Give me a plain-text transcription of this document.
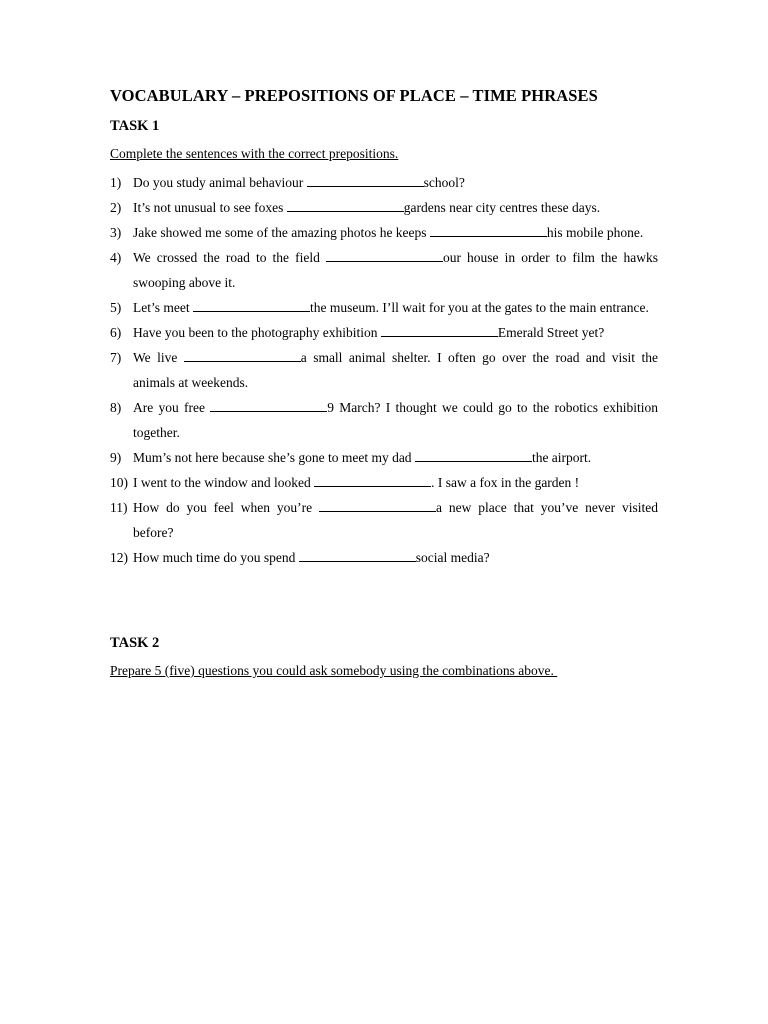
VOCABULARY – PREPOSITIONS OF PLACE – TIME PHRASES
TASK 1
Complete the sentences with the correct prepositions.
1) Do you study animal behaviour	school?
2) It’s not unusual to see foxes	gardens near city centres these days.
3) Jake showed me some of the amazing photos he keeps	his mobile phone.
4) We crossed the road to the field	our house in order to film the hawks swooping above it.
5) Let’s meet	the museum. I’ll wait for you at the gates to the main entrance.
6) Have you been to the photography exhibition	Emerald Street yet?
7) We live	a small animal shelter. I often go over the road and visit the animals at weekends.
8) Are you free	9 March? I thought we could go to the robotics exhibition together.
9) Mum’s not here because she’s gone to meet my dad	the airport.
10) I went to the window and looked	. I saw a fox in the garden !
11) How do you feel when you’re	a new place that you’ve never visited before?
12) How much time do you spend	social media?
TASK 2
Prepare 5 (five) questions you could ask somebody using the combinations above.
